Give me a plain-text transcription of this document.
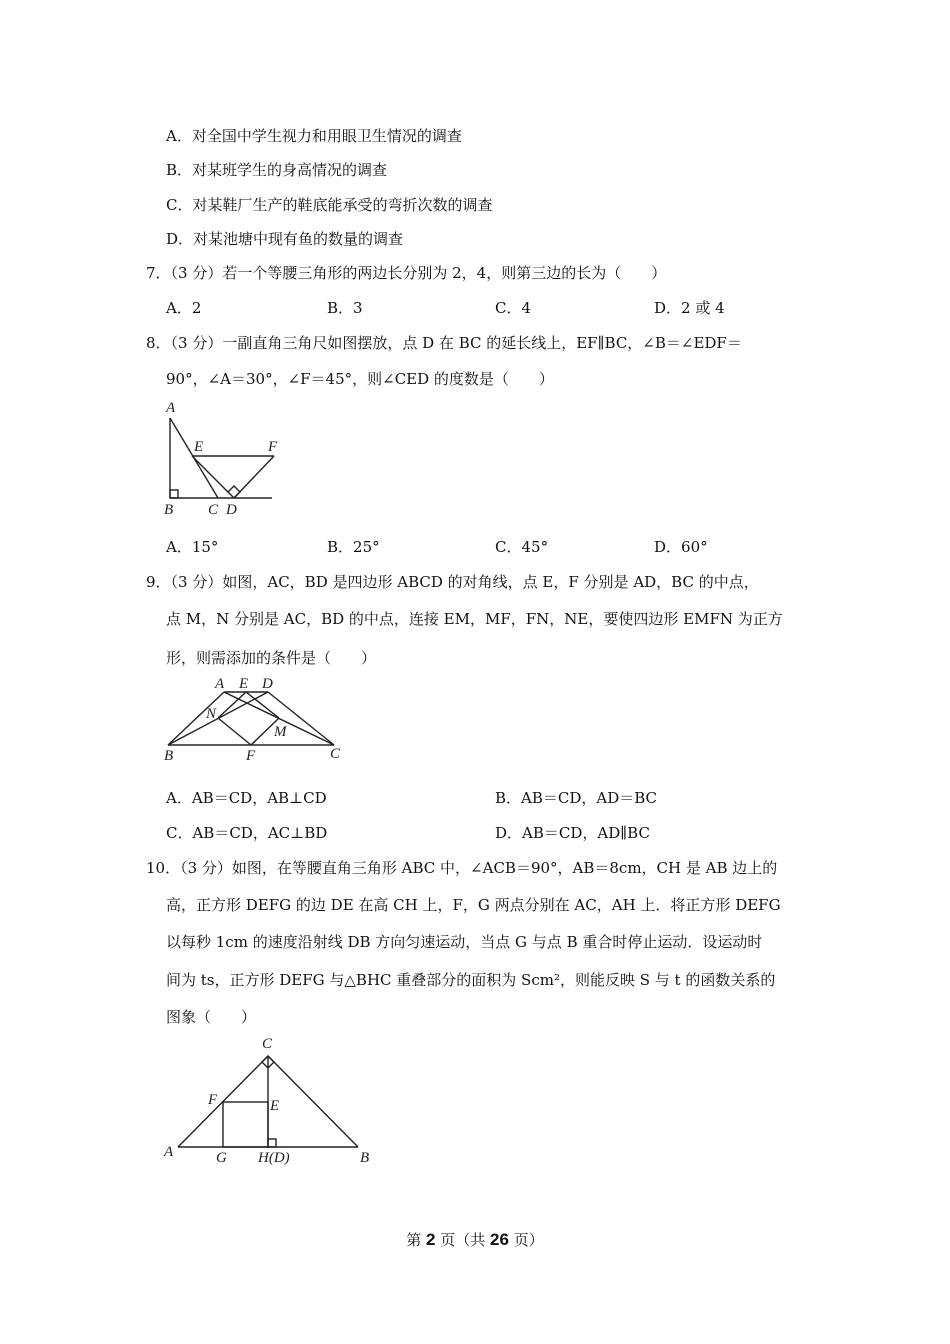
A．对全国中学生视力和用眼卫生情况的调查
B．对某班学生的身高情况的调查
C．对某鞋厂生产的鞋底能承受的弯折次数的调查
D．对某池塘中现有鱼的数量的调查
7．（3 分）若一个等腰三角形的两边长分别为 2，4，则第三边的长为（　　）
A．2	B．3	C．4	D．2 或 4
8．（3 分）一副直角三角尺如图摆放，点 D 在 BC 的延长线上，EF∥BC，∠B＝∠EDF＝
90°，∠A＝30°，∠F＝45°，则∠CED 的度数是（　　）
A
E	F
B C D
A．15°	B．25°	C．45°	D．60°
9．（3 分）如图，AC，BD 是四边形 ABCD 的对角线，点 E，F 分别是 AD，BC 的中点，
点 M，N 分别是 AC，BD 的中点，连接 EM，MF，FN，NE，要使四边形 EMFN 为正方
形，则需添加的条件是（　　）
A E D
N
M
B	F	C
A．AB＝CD，AB⊥CD	B．AB＝CD，AD＝BC
C．AB＝CD，AC⊥BD	D．AB＝CD，AD∥BC
10．（3 分）如图，在等腰直角三角形 ABC 中，∠ACB＝90°，AB＝8cm，CH 是 AB 边上的
高，正方形 DEFG 的边 DE 在高 CH 上，F，G 两点分别在 AC，AH 上．将正方形 DEFG
以每秒 1cm 的速度沿射线 DB 方向匀速运动，当点 G 与点 B 重合时停止运动．设运动时
间为 ts，正方形 DEFG 与△BHC 重叠部分的面积为 Scm²，则能反映 S 与 t 的函数关系的
图象（　　）
C
F	E
A	G H(D)	B
第 2 页（共 26 页）
